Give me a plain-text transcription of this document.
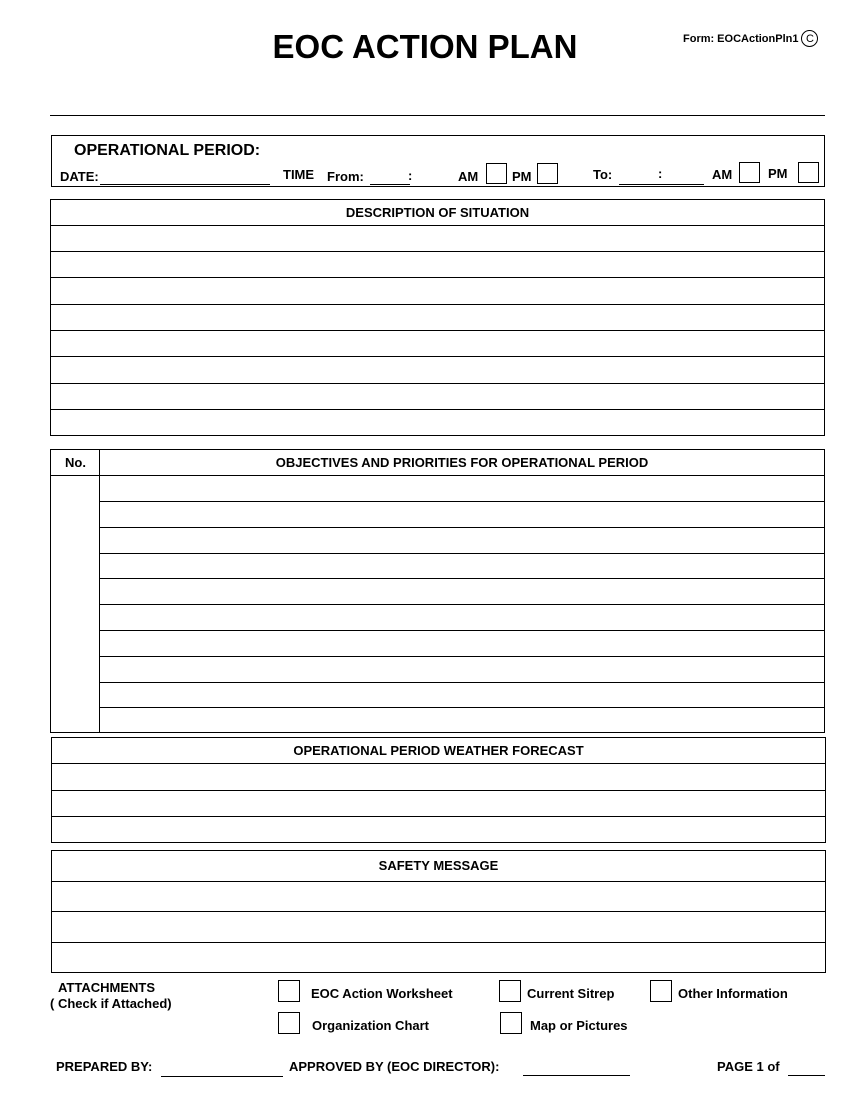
EOC ACTION PLAN	Form: EOCActionPln1 C
OPERATIONAL PERIOD:
DATE:	TIME From:	:	AM	PM	To:	:	AM	PM
DESCRIPTION OF SITUATION
No.	OBJECTIVES AND PRIORITIES FOR OPERATIONAL PERIOD
OPERATIONAL PERIOD WEATHER FORECAST
SAFETY MESSAGE
ATTACHMENTS
( Check if Attached)
EOC Action Worksheet	Current Sitrep	Other Information
Organization Chart	Map or Pictures
PREPARED BY:	APPROVED BY (EOC DIRECTOR):	PAGE 1 of
